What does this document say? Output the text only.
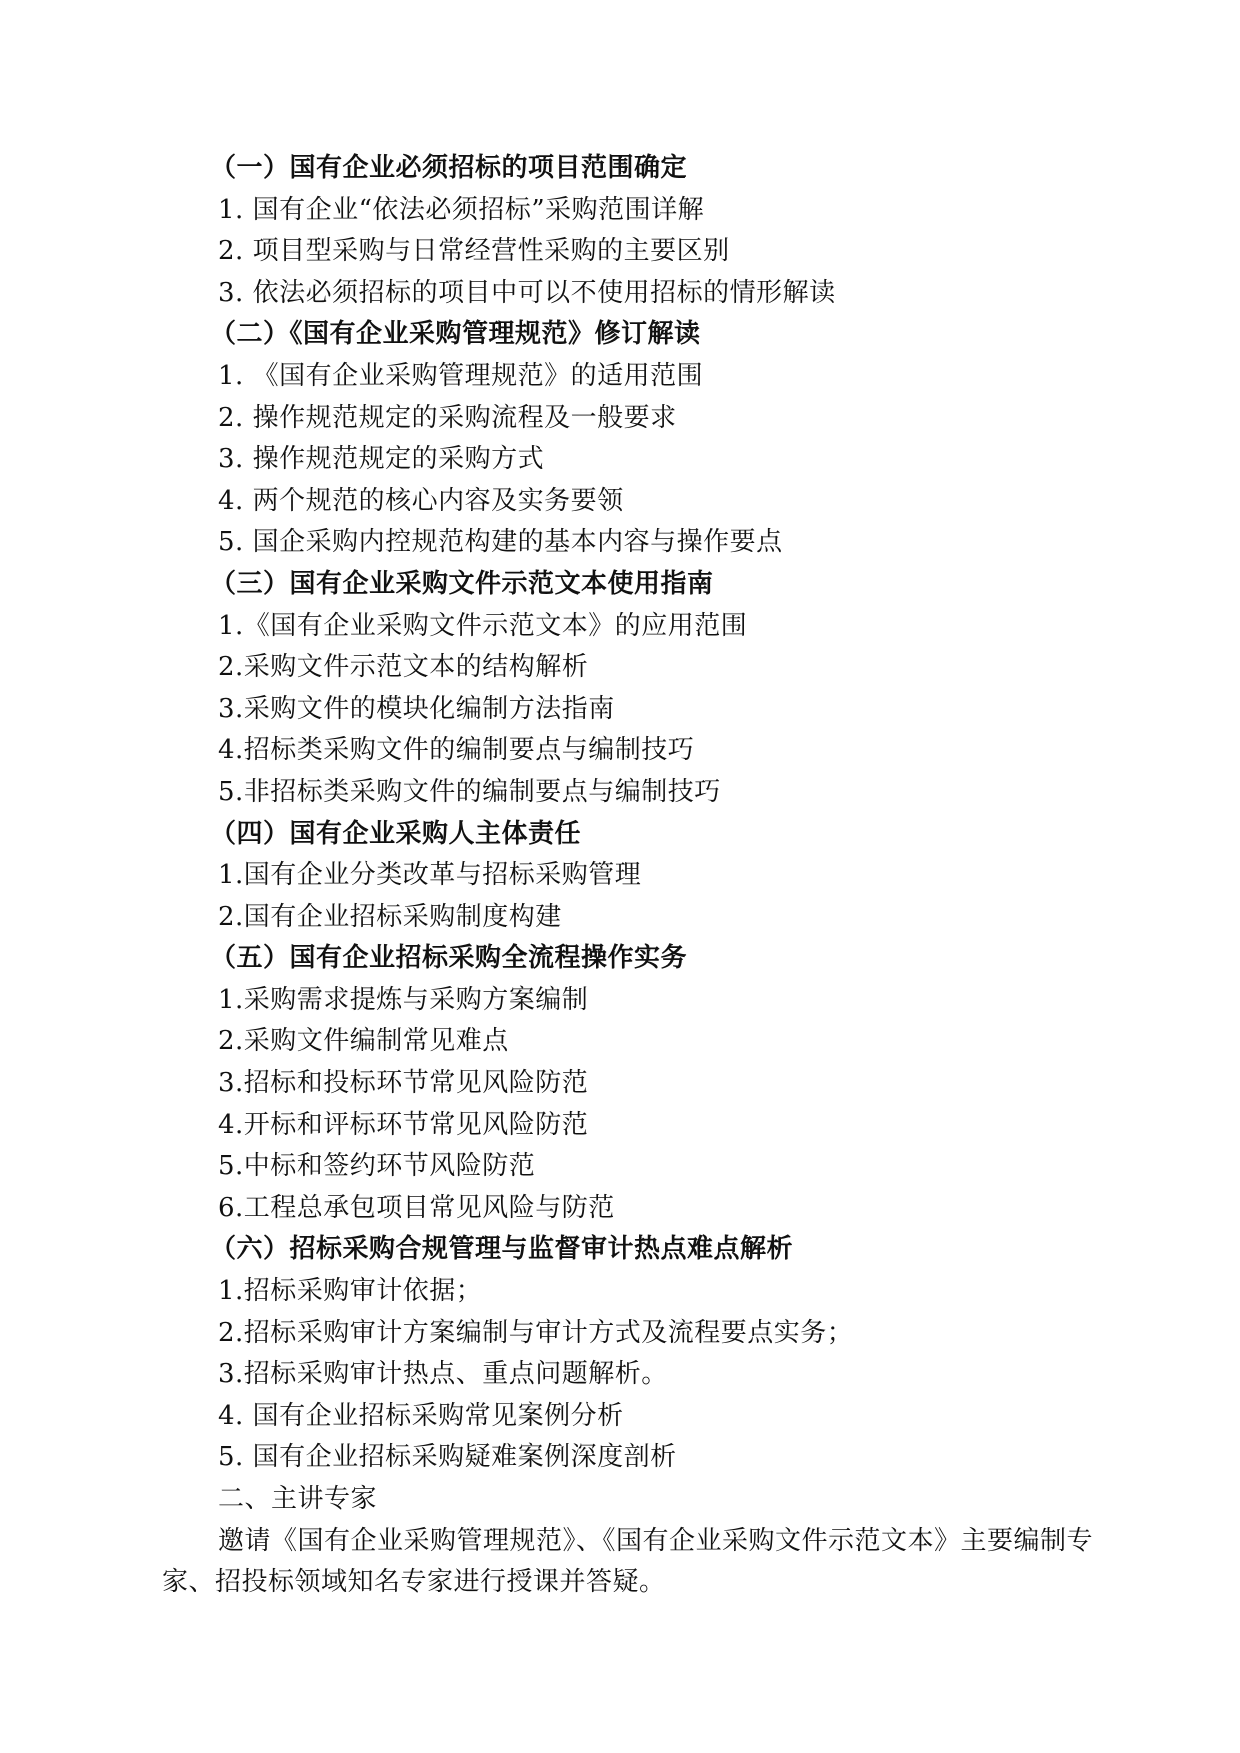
（一）国有企业必须招标的项目范围确定
1. 国有企业“依法必须招标”采购范围详解
2. 项目型采购与日常经营性采购的主要区别
3. 依法必须招标的项目中可以不使用招标的情形解读
（二）《国有企业采购管理规范》修订解读
1. 《国有企业采购管理规范》的适用范围
2. 操作规范规定的采购流程及一般要求
3. 操作规范规定的采购方式
4. 两个规范的核心内容及实务要领
5. 国企采购内控规范构建的基本内容与操作要点
（三）国有企业采购文件示范文本使用指南
1.《国有企业采购文件示范文本》的应用范围
2.采购文件示范文本的结构解析
3.采购文件的模块化编制方法指南
4.招标类采购文件的编制要点与编制技巧
5.非招标类采购文件的编制要点与编制技巧
（四）国有企业采购人主体责任
1.国有企业分类改革与招标采购管理
2.国有企业招标采购制度构建
（五）国有企业招标采购全流程操作实务
1.采购需求提炼与采购方案编制
2.采购文件编制常见难点
3.招标和投标环节常见风险防范
4.开标和评标环节常见风险防范
5.中标和签约环节风险防范
6.工程总承包项目常见风险与防范
（六）招标采购合规管理与监督审计热点难点解析
1.招标采购审计依据；
2.招标采购审计方案编制与审计方式及流程要点实务；
3.招标采购审计热点、重点问题解析。
4. 国有企业招标采购常见案例分析
5. 国有企业招标采购疑难案例深度剖析
二、主讲专家

邀请《国有企业采购管理规范》、《国有企业采购文件示范文本》主要编制专家、招投标领域知名专家进行授课并答疑。
